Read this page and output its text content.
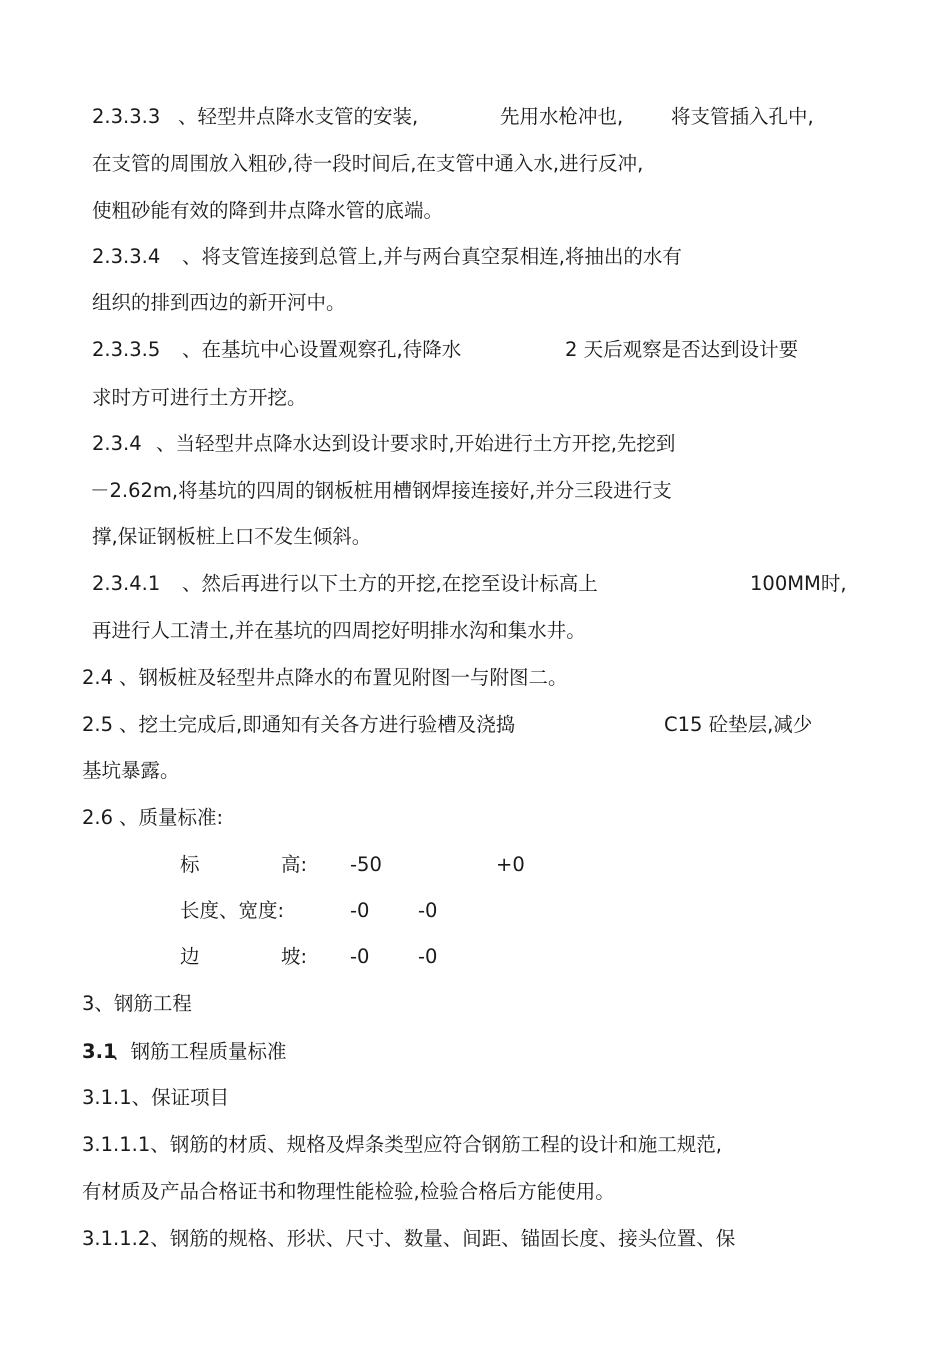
2.3.3.3 、轻型井点降水支管的安装,	先用水枪冲也, 将支管插入孔中,
在支管的周围放入粗砂,待一段时间后,在支管中通入水,进行反冲,
使粗砂能有效的降到井点降水管的底端。
2.3.3.4 、将支管连接到总管上,并与两台真空泵相连,将抽出的水有
组织的排到西边的新开河中。
2.3.3.5 、在基坑中心设置观察孔,待降水	2 天后观察是否达到设计要
求时方可进行土方开挖。
2.3.4 、当轻型井点降水达到设计要求时,开始进行土方开挖,先挖到
－2.62m,将基坑的四周的钢板桩用槽钢焊接连接好,并分三段进行支
撑,保证钢板桩上口不发生倾斜。
2.3.4.1 、然后再进行以下土方的开挖,在挖至设计标高上	100MM时,
再进行人工清土,并在基坑的四周挖好明排水沟和集水井。
2.4 、钢板桩及轻型井点降水的布置见附图一与附图二。
2.5 、挖土完成后,即通知有关各方进行验槽及浇捣	C15 砼垫层,减少
基坑暴露。
2.6 、质量标准:
标	高: -50	+0
长度、宽度:	-0 -0
边	坡: -0 -0
3、钢筋工程
3.1
、钢筋工程质量标准
3.1.1、保证项目
3.1.1.1、钢筋的材质、规格及焊条类型应符合钢筋工程的设计和施工规范,
有材质及产品合格证书和物理性能检验,检验合格后方能使用。
3.1.1.2、钢筋的规格、形状、尺寸、数量、间距、锚固长度、接头位置、保
